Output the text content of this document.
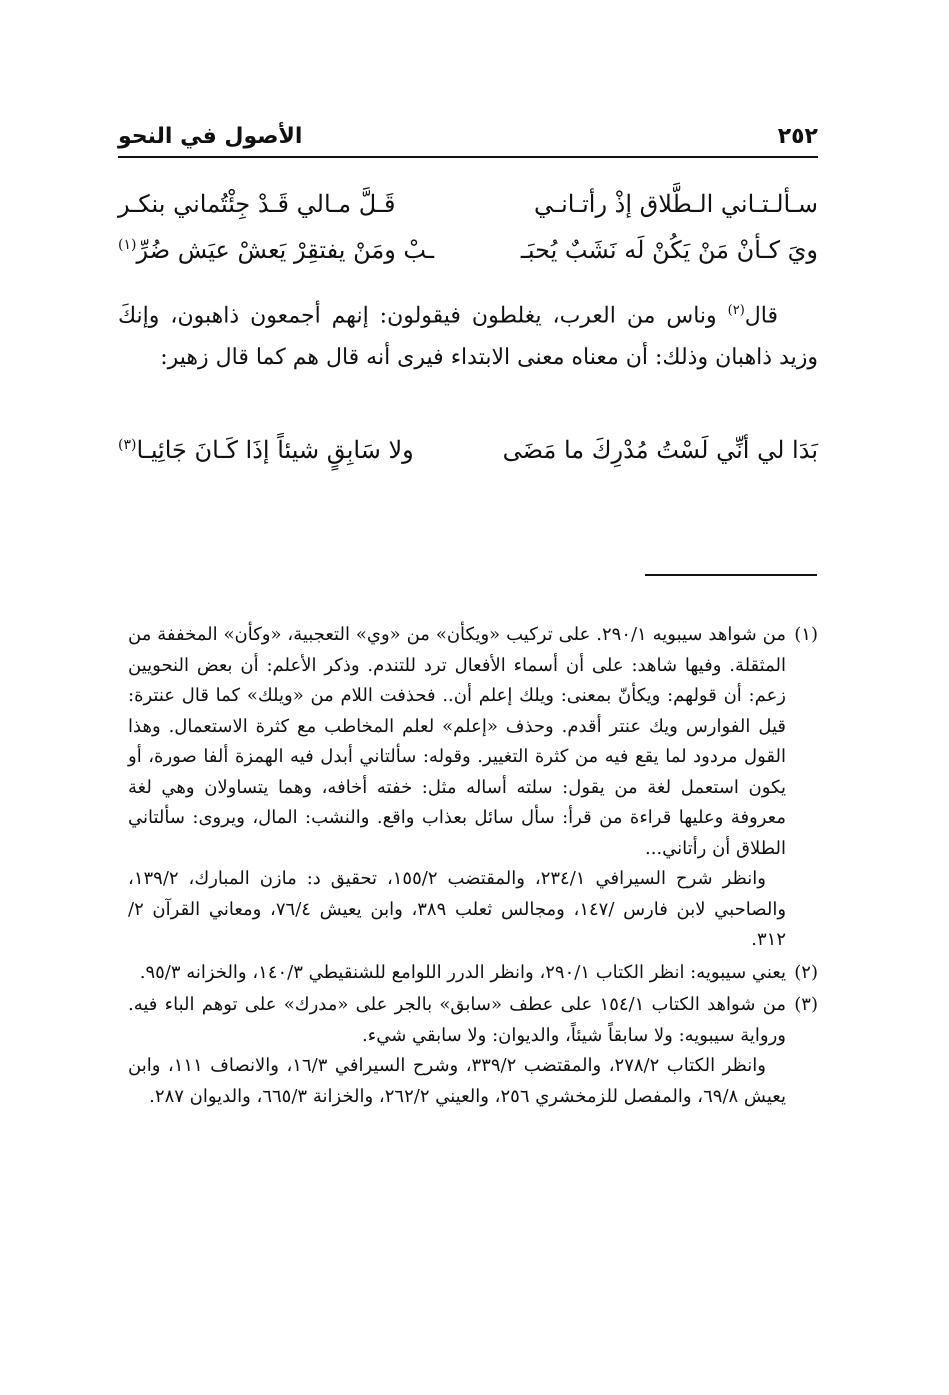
٢٥٢
الأصول في النحو
سـألـتـاني الـطَّلاق إذْ رأتـانـي
قَـلَّ مـالي قَـدْ جِئْتُماني بنكـر
ويَ كـأنْ مَنْ يَكُنْ لَه نَشَبٌ يُحبَـ
ـبْ ومَنْ يفتقِرْ يَعشْ عيَش ضُرِّ$^{(١)}$
قال$^{(٢)}$ وناس من العرب، يغلطون فيقولون: إنهم أجمعون ذاهبون، وإنكَ وزيد ذاهبان وذلك: أن معناه معنى الابتداء فيرى أنه قال هم كما قال زهير:
بَدَا لي أنِّي لَسْتُ مُدْرِكَ ما مَضَى
ولا سَابِقٍ شيئاً إذَا كَـانَ جَائِيـا$^{(٣)}$
(١)

من شواهد سيبويه ٢٩٠/١. على تركيب «ويكأن» من «وي» التعجبية، «وكأن» المخففة من المثقلة. وفيها شاهد: على أن أسماء الأفعال ترد للتندم. وذكر الأعلم: أن بعض النحويين زعم: أن قولهم: ويكأنّ بمعنى: ويلك إعلم أن.. فحذفت اللام من «ويلك» كما قال عنترة: قيل الفوارس ويك عنتر أقدم. وحذف «إعلم» لعلم المخاطب مع كثرة الاستعمال. وهذا القول مردود لما يقع فيه من كثرة التغيير. وقوله: سألتاني أبدل فيه الهمزة ألفا صورة، أو يكون استعمل لغة من يقول: سلته أساله مثل: خفته أخافه، وهما يتساولان وهي لغة معروفة وعليها قراءة من قرأ: سأل سائل بعذاب واقع. والنشب: المال، ويروى: سألتاني الطلاق أن رأتاني...

وانظر شرح السيرافي ٢٣٤/١، والمقتضب ١٥٥/٢، تحقيق د: مازن المبارك، ١٣٩/٢، والصاحبي لابن فارس /١٤٧، ومجالس ثعلب ٣٨٩، وابن يعيش ٧٦/٤، ومعاني القرآن ٢/ ٣١٢.

(٢)

يعني سيبويه: انظر الكتاب ٢٩٠/١، وانظر الدرر اللوامع للشنقيطي ١٤٠/٣، والخزانه ٩٥/٣.

(٣)

من شواهد الكتاب ١٥٤/١ على عطف «سابق» بالجر على «مدرك» على توهم الباء فيه. ورواية سيبويه: ولا سابقاً شيئاً، والديوان: ولا سابقي شيء.

وانظر الكتاب ٢٧٨/٢، والمقتضب ٣٣٩/٢، وشرح السيرافي ١٦/٣، والانصاف ١١١، وابن يعيش ٦٩/٨، والمفصل للزمخشري ٢٥٦، والعيني ٢٦٢/٢، والخزانة ٦٦٥/٣، والديوان ٢٨٧.
